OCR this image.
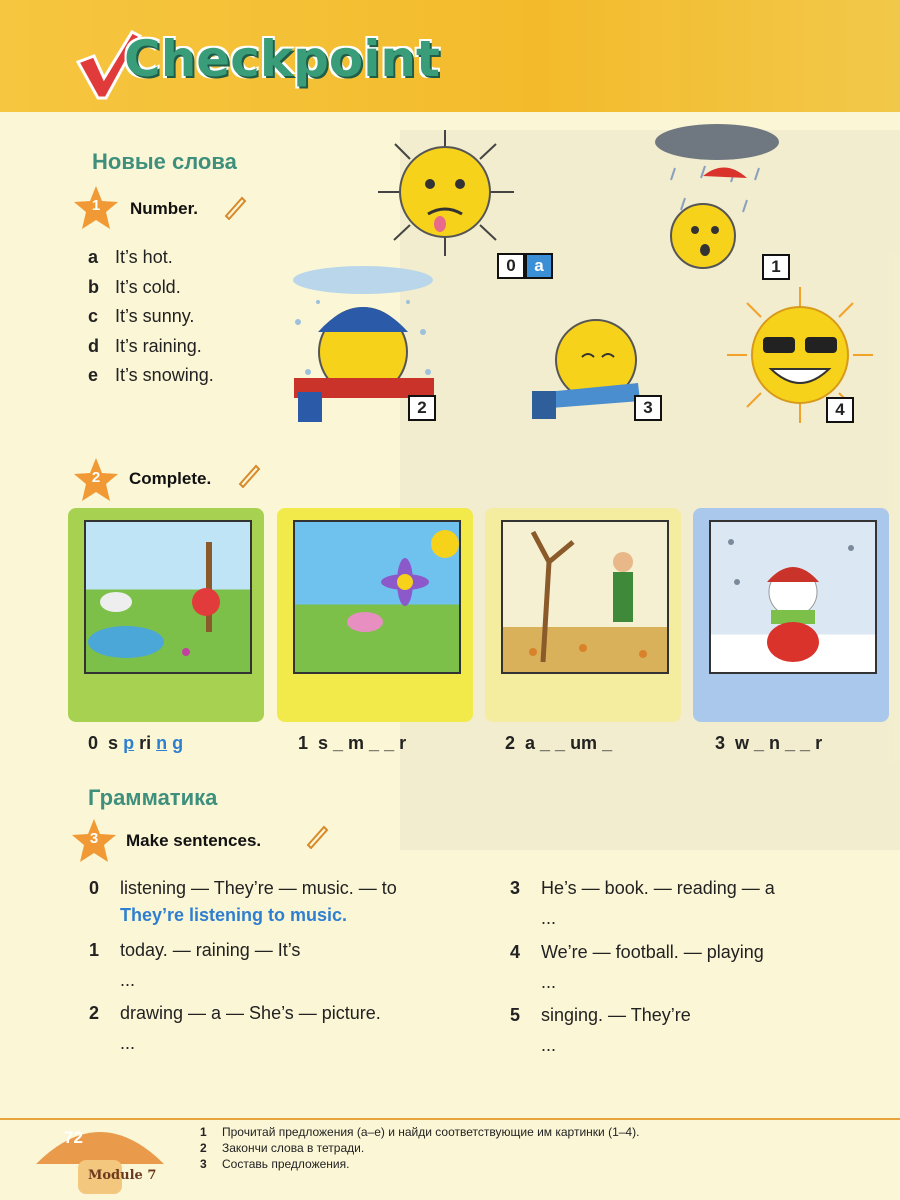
Checkpoint
Новые слова
1	Number.
a It’s hot.
b It’s cold.
c It’s sunny.
d It’s raining.
e It’s snowing.
0	a	1
2	3	4
2	Complete.
0 s p ri n g	1 s _ m _ _ r	2 a _ _ um _	3 w _ n _ _ r
Грамматика
3	Make sentences.
0 listening — They’re — music. — to
They’re listening to music.
1 today. — raining — It’s
...
2 drawing — a — She’s — picture.
...
3 He’s — book. — reading — a
...
4 We’re — football. — playing
...
5 singing. — They’re
...
72
Module 7
1 Прочитай предложения (a–e) и найди соответствующие им картинки (1–4).
2 Закончи слова в тетради.
3 Составь предложения.
